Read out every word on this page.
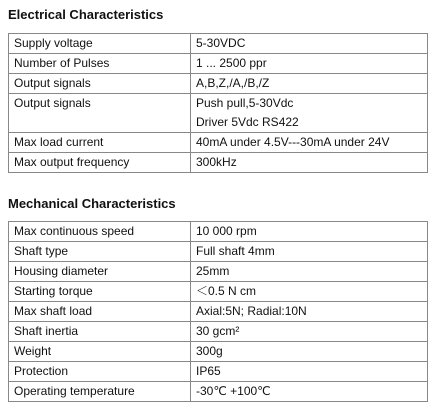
Electrical Characteristics
Supply voltage	5-30VDC

Number of Pulses	1 ... 2500 ppr

Output signals	A,B,Z,/A,/B,/Z

Output signals	Push pull,5-30Vdc
Driver 5Vdc RS422

Max load current	40mA under 4.5V---30mA under 24V

Max output frequency	300kHz
Mechanical Characteristics
Max continuous speed	10 000 rpm

Shaft type	Full shaft 4mm

Housing diameter	25mm

Starting torque	＜0.5 N cm

Max shaft load	Axial:5N; Radial:10N

Shaft inertia	30 gcm²

Weight	300g

Protection	IP65

Operating temperature	-30℃ +100℃
